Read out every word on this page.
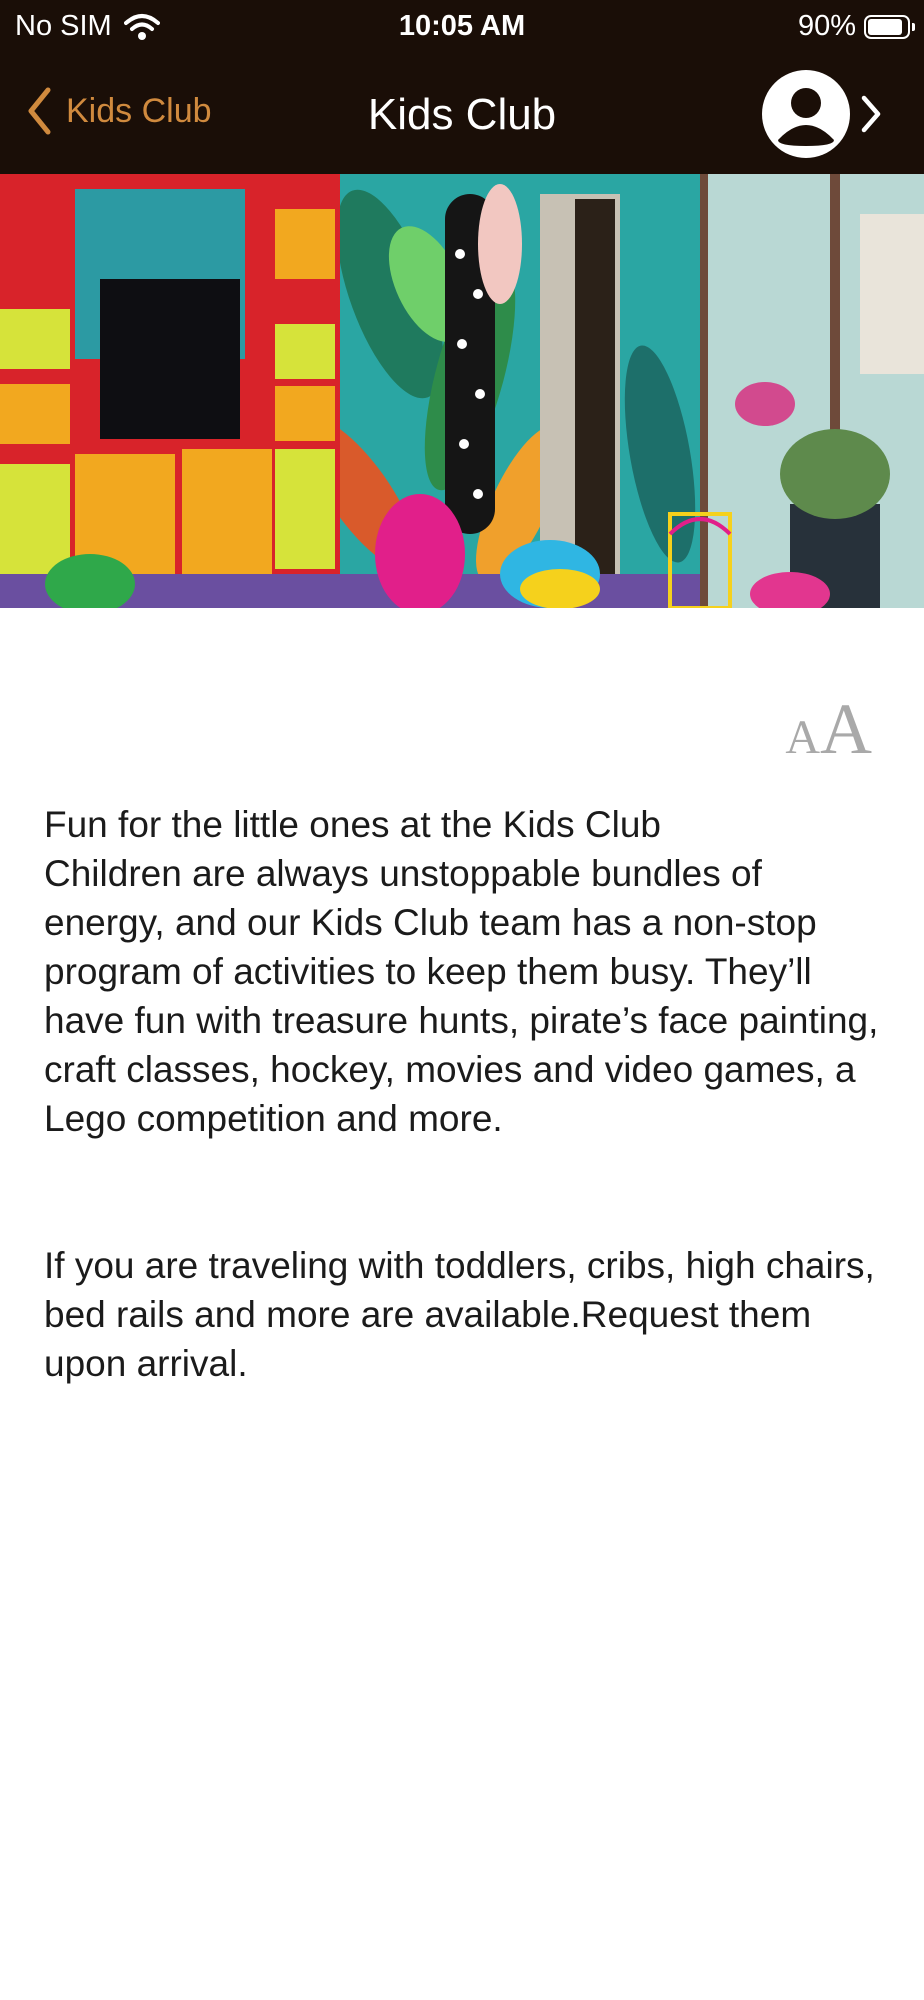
No SIM	10:05 AM	90%
Kids Club	Kids Club
AA

Fun for the little ones at the Kids Club

Children are always unstoppable bundles of energy, and our Kids Club team has a non-stop program of activities to keep them busy. They’ll have fun with treasure hunts, pirate’s face painting, craft classes, hockey, movies and video games, a Lego competition and more.

If you are traveling with toddlers, cribs, high chairs, bed rails and more are available.Request them upon arrival.
